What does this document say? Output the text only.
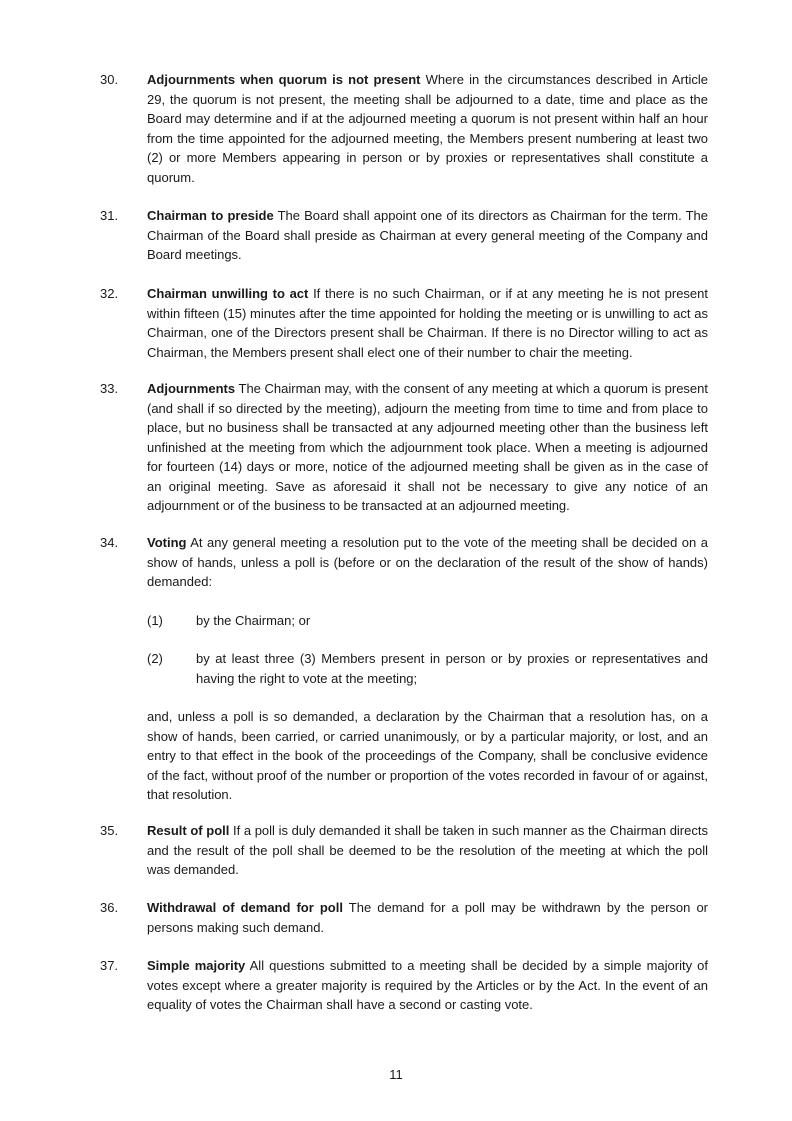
30.	Adjournments when quorum is not present Where in the circumstances described in Article 29, the quorum is not present, the meeting shall be adjourned to a date, time and place as the Board may determine and if at the adjourned meeting a quorum is not present within half an hour from the time appointed for the adjourned meeting, the Members present numbering at least two (2) or more Members appearing in person or by proxies or representatives shall constitute a quorum.
31.	Chairman to preside The Board shall appoint one of its directors as Chairman for the term. The Chairman of the Board shall preside as Chairman at every general meeting of the Company and Board meetings.
32.	Chairman unwilling to act If there is no such Chairman, or if at any meeting he is not present within fifteen (15) minutes after the time appointed for holding the meeting or is unwilling to act as Chairman, one of the Directors present shall be Chairman. If there is no Director willing to act as Chairman, the Members present shall elect one of their number to chair the meeting.
33.	Adjournments The Chairman may, with the consent of any meeting at which a quorum is present (and shall if so directed by the meeting), adjourn the meeting from time to time and from place to place, but no business shall be transacted at any adjourned meeting other than the business left unfinished at the meeting from which the adjournment took place. When a meeting is adjourned for fourteen (14) days or more, notice of the adjourned meeting shall be given as in the case of an original meeting. Save as aforesaid it shall not be necessary to give any notice of an adjournment or of the business to be transacted at an adjourned meeting.
34.	Voting At any general meeting a resolution put to the vote of the meeting shall be decided on a show of hands, unless a poll is (before or on the declaration of the result of the show of hands) demanded:
(1)	by the Chairman; or
(2)	by at least three (3) Members present in person or by proxies or representatives and having the right to vote at the meeting;
and, unless a poll is so demanded, a declaration by the Chairman that a resolution has, on a show of hands, been carried, or carried unanimously, or by a particular majority, or lost, and an entry to that effect in the book of the proceedings of the Company, shall be conclusive evidence of the fact, without proof of the number or proportion of the votes recorded in favour of or against, that resolution.
35.	Result of poll If a poll is duly demanded it shall be taken in such manner as the Chairman directs and the result of the poll shall be deemed to be the resolution of the meeting at which the poll was demanded.
36.	Withdrawal of demand for poll The demand for a poll may be withdrawn by the person or persons making such demand.
37.	Simple majority All questions submitted to a meeting shall be decided by a simple majority of votes except where a greater majority is required by the Articles or by the Act. In the event of an equality of votes the Chairman shall have a second or casting vote.
11
